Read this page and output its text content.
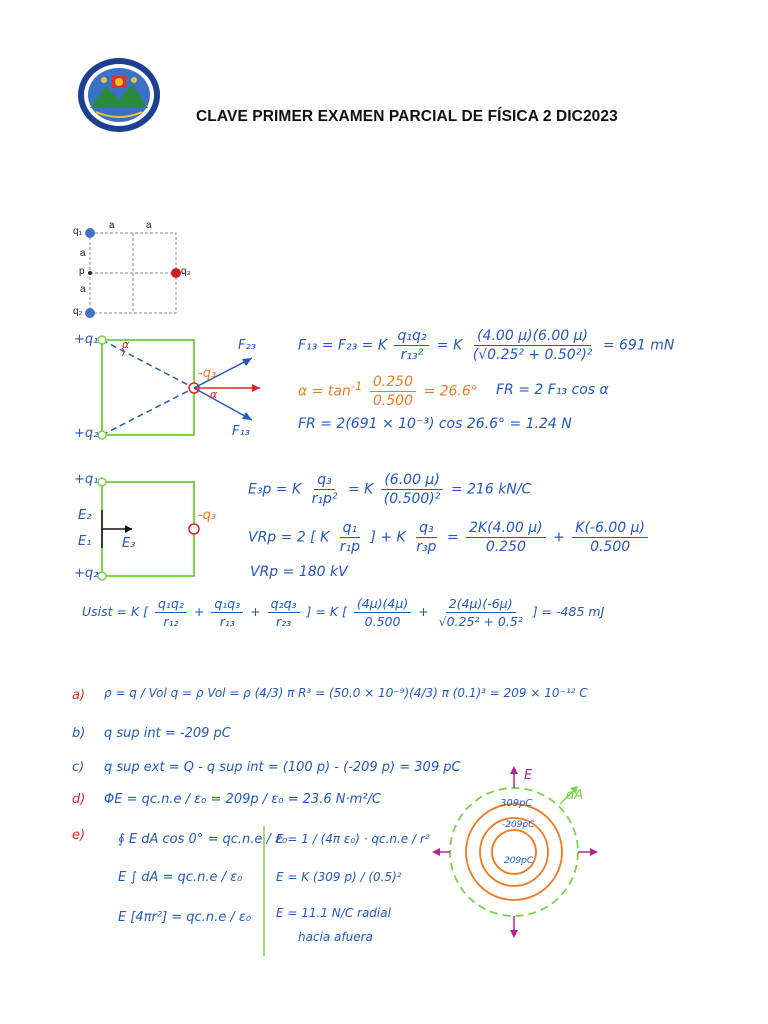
CLAVE PRIMER EXAMEN PARCIAL DE FÍSICA 2 DIC2023
q₁
q₂
q₃
p
a	a
a
a
+q₁
+q₂
-q₃
F₂₃
F₁₃
α
α
F₁₃ = F₂₃ = K $\frac{\text{q₁q₂}}{\text{r₁₃²}} = K \frac{(4.00 \mu)(6.00 \mu)}{\text{(√0.25² + 0.50²)²}} = 691$ mN
$\alpha = \tan^{-1} \frac{0.250}{0.500} = 26.6^\circ$ FR = 2 F₁₃ cos α
FR = 2(691 × 10⁻³) cos 26.6° = 1.24 N
+q₁
+q₂
-q₃
E₂
E₁ E₃
E₃p = K $\frac{\text{q₃}}{\text{r₁p²}} = K \frac{(6.00 \mu)}{\text{(0.500)²}} = 216$ kN/C
VRp = 2 [ K $\frac{\text{q₁}}{\text{r₁p}}$ ] + K $\frac{\text{q₃}}{\text{r₃p}} = \frac{2K(4.00 \mu)}{0.250} + \frac{K(-6.00 \mu)}{0.500}$
VRp = 180 kV
Usist = K [ $\frac{\text{q₁q₂}}{\text{r₁₂}} + \frac{\text{q₁q₃}}{\text{r₁₃}} + \frac{\text{q₂q₃}}{\text{r₂₃}}$ ] = K [ $\frac{(4\mu)(4\mu)}{0.500} + \frac{2(4\mu)(-6\mu)}{\text{√0.25² + 0.5²}}$ ] = -485 mJ
a) ρ = q / Vol q = ρ Vol = ρ (4/3) π R³ = (50.0 × 10⁻⁹)(4/3) π (0.1)³ = 209 × 10⁻¹² C
b) q sup int = -209 pC
c) q sup ext = Q - q sup int = (100 p) - (-209 p) = 309 pC
d) ΦE = qc.n.e / ε₀ = 209p / ε₀ = 23.6 N·m²/C
e)	∮ E dA cos 0° = qc.n.e / ε₀
E ∫ dA = qc.n.e / ε₀
E [4πr²] = qc.n.e / ε₀
E = 1 / (4π ε₀) · qc.n.e / r²
E = K (309 p) / (0.5)²
E = 11.1 N/C radial
hacia afuera
309pC
-209pC
209pC
E
dA
